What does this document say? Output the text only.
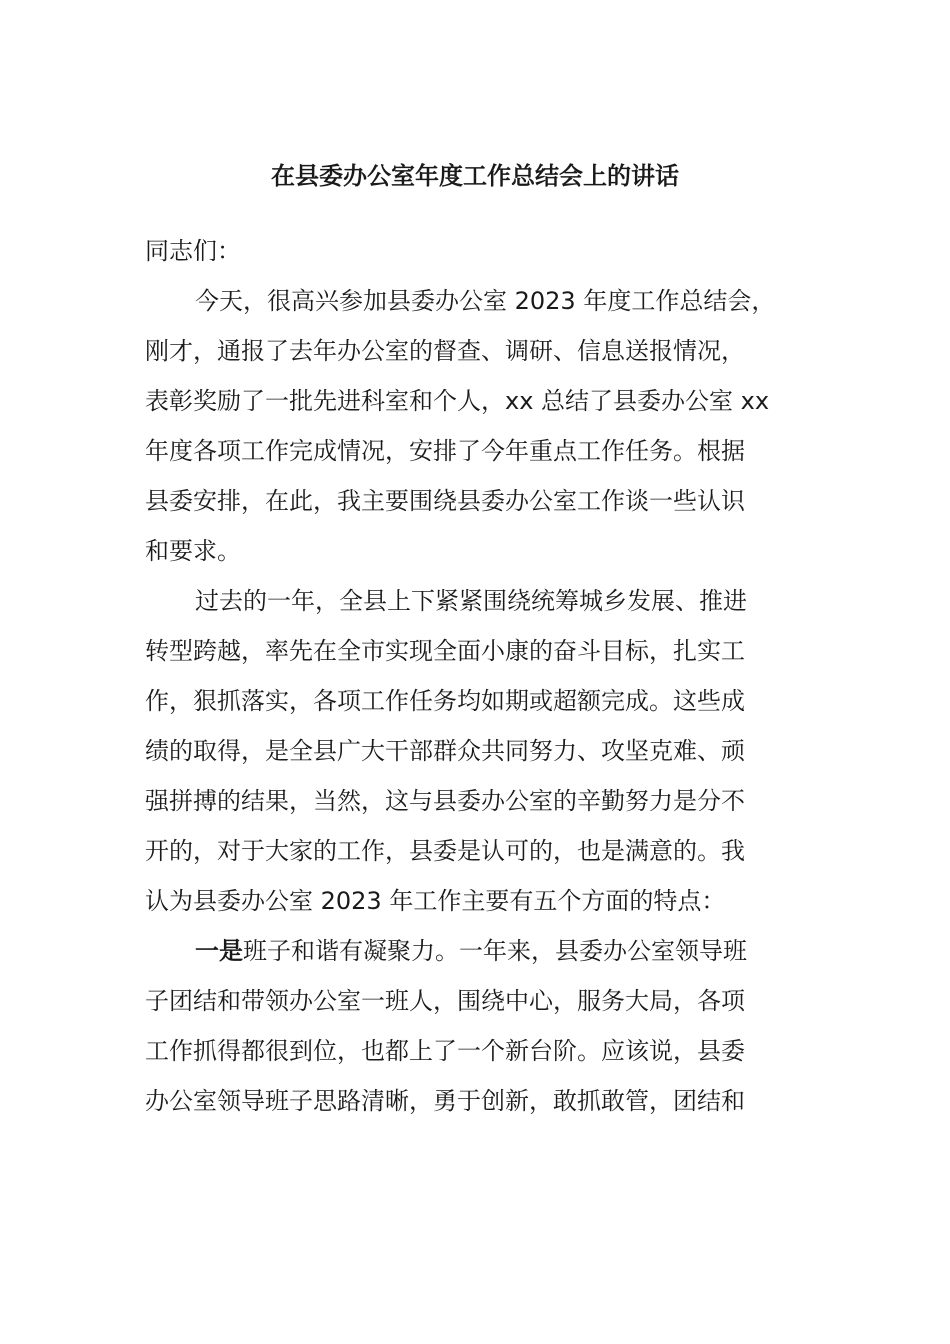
在县委办公室年度工作总结会上的讲话
同志们：
今天，很高兴参加县委办公室 2023 年度工作总结会，
刚才，通报了去年办公室的督查、调研、信息送报情况，
表彰奖励了一批先进科室和个人，xx 总结了县委办公室 xx
年度各项工作完成情况，安排了今年重点工作任务。根据
县委安排，在此，我主要围绕县委办公室工作谈一些认识
和要求。
过去的一年，全县上下紧紧围绕统筹城乡发展、推进
转型跨越，率先在全市实现全面小康的奋斗目标，扎实工
作，狠抓落实，各项工作任务均如期或超额完成。这些成
绩的取得，是全县广大干部群众共同努力、攻坚克难、顽
强拼搏的结果，当然，这与县委办公室的辛勤努力是分不
开的，对于大家的工作，县委是认可的，也是满意的。我
认为县委办公室 2023 年工作主要有五个方面的特点：
一是班子和谐有凝聚力。一年来，县委办公室领导班
子团结和带领办公室一班人，围绕中心，服务大局，各项
工作抓得都很到位，也都上了一个新台阶。应该说，县委
办公室领导班子思路清晰，勇于创新，敢抓敢管，团结和
